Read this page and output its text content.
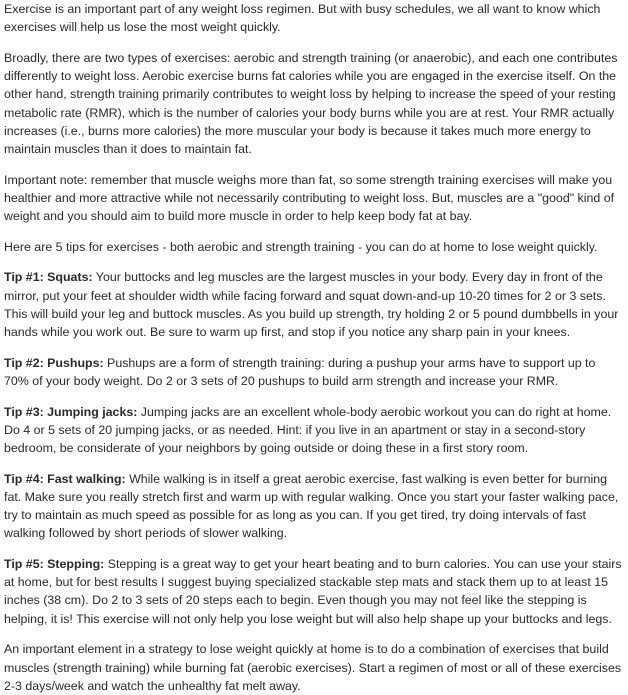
Exercise is an important part of any weight loss regimen. But with busy schedules, we all want to know which exercises will help us lose the most weight quickly.

Broadly, there are two types of exercises: aerobic and strength training (or anaerobic), and each one contributes differently to weight loss. Aerobic exercise burns fat calories while you are engaged in the exercise itself. On the other hand, strength training primarily contributes to weight loss by helping to increase the speed of your resting metabolic rate (RMR), which is the number of calories your body burns while you are at rest. Your RMR actually increases (i.e., burns more calories) the more muscular your body is because it takes much more energy to maintain muscles than it does to maintain fat.

Important note: remember that muscle weighs more than fat, so some strength training exercises will make you healthier and more attractive while not necessarily contributing to weight loss. But, muscles are a "good" kind of weight and you should aim to build more muscle in order to help keep body fat at bay.

Here are 5 tips for exercises - both aerobic and strength training - you can do at home to lose weight quickly.

Tip #1: Squats: Your buttocks and leg muscles are the largest muscles in your body. Every day in front of the mirror, put your feet at shoulder width while facing forward and squat down-and-up 10-20 times for 2 or 3 sets. This will build your leg and buttock muscles. As you build up strength, try holding 2 or 5 pound dumbbells in your hands while you work out. Be sure to warm up first, and stop if you notice any sharp pain in your knees.

Tip #2: Pushups: Pushups are a form of strength training: during a pushup your arms have to support up to 70% of your body weight. Do 2 or 3 sets of 20 pushups to build arm strength and increase your RMR.

Tip #3: Jumping jacks: Jumping jacks are an excellent whole-body aerobic workout you can do right at home. Do 4 or 5 sets of 20 jumping jacks, or as needed. Hint: if you live in an apartment or stay in a second-story bedroom, be considerate of your neighbors by going outside or doing these in a first story room.

Tip #4: Fast walking: While walking is in itself a great aerobic exercise, fast walking is even better for burning fat. Make sure you really stretch first and warm up with regular walking. Once you start your faster walking pace, try to maintain as much speed as possible for as long as you can. If you get tired, try doing intervals of fast walking followed by short periods of slower walking.

Tip #5: Stepping: Stepping is a great way to get your heart beating and to burn calories. You can use your stairs at home, but for best results I suggest buying specialized stackable step mats and stack them up to at least 15 inches (38 cm). Do 2 to 3 sets of 20 steps each to begin. Even though you may not feel like the stepping is helping, it is! This exercise will not only help you lose weight but will also help shape up your buttocks and legs.

An important element in a strategy to lose weight quickly at home is to do a combination of exercises that build muscles (strength training) while burning fat (aerobic exercises). Start a regimen of most or all of these exercises 2-3 days/week and watch the unhealthy fat melt away.
